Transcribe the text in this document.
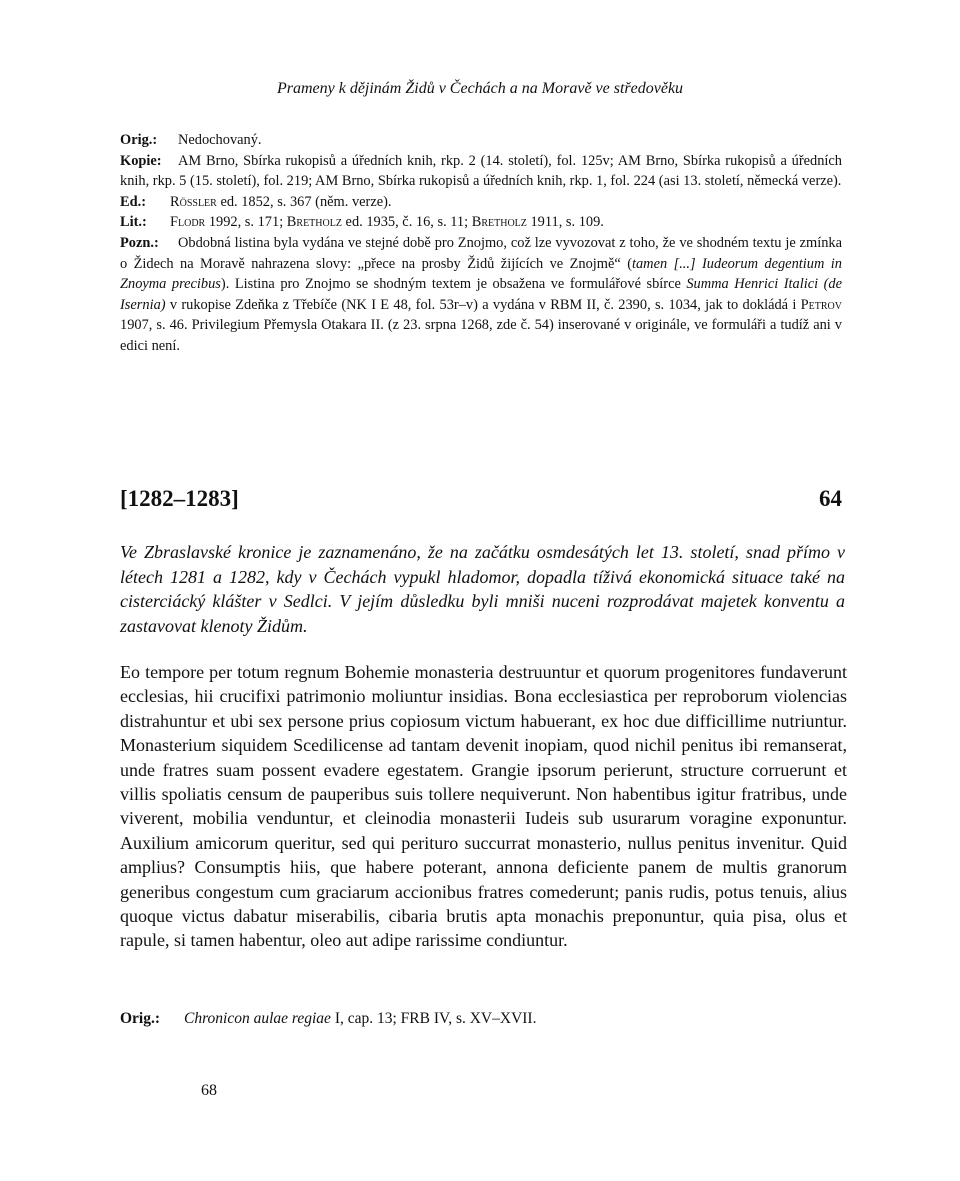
Prameny k dějinám Židů v Čechách a na Moravě ve středověku

Orig.: Nedochovaný.

Kopie: AM Brno, Sbírka rukopisů a úředních knih, rkp. 2 (14. století), fol. 125v; AM Brno, Sbírka rukopisů a úředních knih, rkp. 5 (15. století), fol. 219; AM Brno, Sbírka rukopisů a úředních knih, rkp. 1, fol. 224 (asi 13. století, německá verze).

Ed.: Rössler ed. 1852, s. 367 (něm. verze).

Lit.: Flodr 1992, s. 171; Bretholz ed. 1935, č. 16, s. 11; Bretholz 1911, s. 109.

Pozn.: Obdobná listina byla vydána ve stejné době pro Znojmo, což lze vyvozovat z toho, že ve shodném textu je zmínka o Židech na Moravě nahrazena slovy: „přece na prosby Židů žijících ve Znojmě“ (tamen [...] Iudeorum degentium in Znoyma precibus). Listina pro Znojmo se shodným textem je obsažena ve formulářové sbírce Summa Henrici Italici (de Isernia) v rukopise Zdeňka z Třebíče (NK I E 48, fol. 53r–v) a vydána v RBM II, č. 2390, s. 1034, jak to dokládá i Petrov 1907, s. 46. Privilegium Přemysla Otakara II. (z 23. srpna 1268, zde č. 54) inserované v originále, ve formuláři a tudíž ani v edici není.

[1282–1283]	64

Ve Zbraslavské kronice je zaznamenáno, že na začátku osmdesátých let 13. století, snad přímo v létech 1281 a 1282, kdy v Čechách vypukl hladomor, dopadla tíživá ekonomická situace také na cisterciácký klášter v Sedlci. V jejím důsledku byli mniši nuceni rozprodávat majetek konventu a zastavovat klenoty Židům.

Eo tempore per totum regnum Bohemie monasteria destruuntur et quorum progenitores fundaverunt ecclesias, hii crucifixi patrimonio moliuntur insidias. Bona ecclesiastica per reproborum violencias distrahuntur et ubi sex persone prius copiosum victum habuerant, ex hoc due difficillime nutriuntur. Monasterium siquidem Scedilicense ad tantam devenit inopiam, quod nichil penitus ibi remanserat, unde fratres suam possent evadere egestatem. Grangie ipsorum perierunt, structure corruerunt et villis spoliatis censum de pauperibus suis tollere nequiverunt. Non habentibus igitur fratribus, unde viverent, mobilia venduntur, et cleinodia monasterii Iudeis sub usurarum voragine exponuntur. Auxilium amicorum queritur, sed qui perituro succurrat monasterio, nullus penitus invenitur. Quid amplius? Consumptis hiis, que habere poterant, annona deficiente panem de multis granorum generibus congestum cum graciarum accionibus fratres comederunt; panis rudis, potus tenuis, alius quoque victus dabatur miserabilis, cibaria brutis apta monachis preponuntur, quia pisa, olus et rapule, si tamen habentur, oleo aut adipe rarissime condiuntur.

Orig.: Chronicon aulae regiae I, cap. 13; FRB IV, s. XV–XVII.

68
